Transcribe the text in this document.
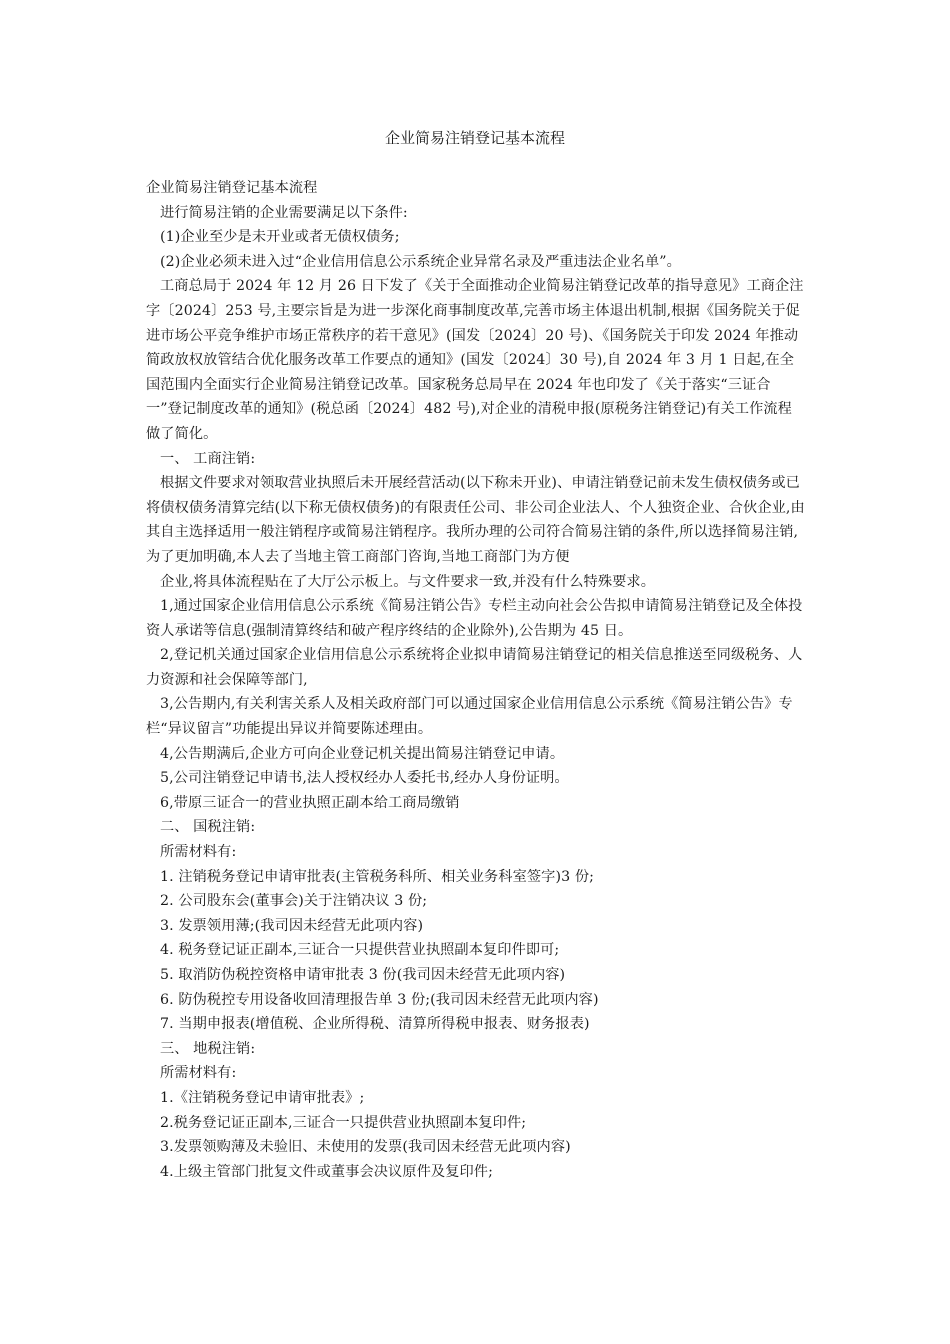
企业简易注销登记基本流程

企业简易注销登记基本流程

进行简易注销的企业需要满足以下条件:

(1)企业至少是未开业或者无债权债务;

(2)企业必须未进入过“企业信用信息公示系统企业异常名录及严重违法企业名单”。

工商总局于 2024 年 12 月 26 日下发了《关于全面推动企业简易注销登记改革的指导意见》工商企注字〔2024〕253 号,主要宗旨是为进一步深化商事制度改革,完善市场主体退出机制,根据《国务院关于促进市场公平竞争维护市场正常秩序的若干意见》(国发〔2024〕20 号)、《国务院关于印发 2024 年推动简政放权放管结合优化服务改革工作要点的通知》(国发〔2024〕30 号),自 2024 年 3 月 1 日起,在全国范围内全面实行企业简易注销登记改革。国家税务总局早在 2024 年也印发了《关于落实“三证合一”登记制度改革的通知》(税总函〔2024〕482 号),对企业的清税申报(原税务注销登记)有关工作流程做了简化。

一、 工商注销:

根据文件要求对领取营业执照后未开展经营活动(以下称未开业)、申请注销登记前未发生债权债务或已将债权债务清算完结(以下称无债权债务)的有限责任公司、非公司企业法人、个人独资企业、合伙企业,由其自主选择适用一般注销程序或简易注销程序。我所办理的公司符合简易注销的条件,所以选择简易注销,为了更加明确,本人去了当地主管工商部门咨询,当地工商部门为方便

企业,将具体流程贴在了大厅公示板上。与文件要求一致,并没有什么特殊要求。

1,通过国家企业信用信息公示系统《简易注销公告》专栏主动向社会公告拟申请简易注销登记及全体投资人承诺等信息(强制清算终结和破产程序终结的企业除外),公告期为 45 日。

2,登记机关通过国家企业信用信息公示系统将企业拟申请简易注销登记的相关信息推送至同级税务、人力资源和社会保障等部门,

3,公告期内,有关利害关系人及相关政府部门可以通过国家企业信用信息公示系统《简易注销公告》专栏“异议留言”功能提出异议并简要陈述理由。

4,公告期满后,企业方可向企业登记机关提出简易注销登记申请。

5,公司注销登记申请书,法人授权经办人委托书,经办人身份证明。

6,带原三证合一的营业执照正副本给工商局缴销

二、 国税注销:

所需材料有:

1. 注销税务登记申请审批表(主管税务科所、相关业务科室签字)3 份;

2. 公司股东会(董事会)关于注销决议 3 份;

3. 发票领用薄;(我司因未经营无此项内容)

4. 税务登记证正副本,三证合一只提供营业执照副本复印件即可;

5. 取消防伪税控资格申请审批表 3 份(我司因未经营无此项内容)

6. 防伪税控专用设备收回清理报告单 3 份;(我司因未经营无此项内容)

7. 当期申报表(增值税、企业所得税、清算所得税申报表、财务报表)

三、 地税注销:

所需材料有:

1.《注销税务登记申请审批表》;

2.税务登记证正副本,三证合一只提供营业执照副本复印件;

3.发票领购薄及未验旧、未使用的发票(我司因未经营无此项内容)

4.上级主管部门批复文件或董事会决议原件及复印件;
